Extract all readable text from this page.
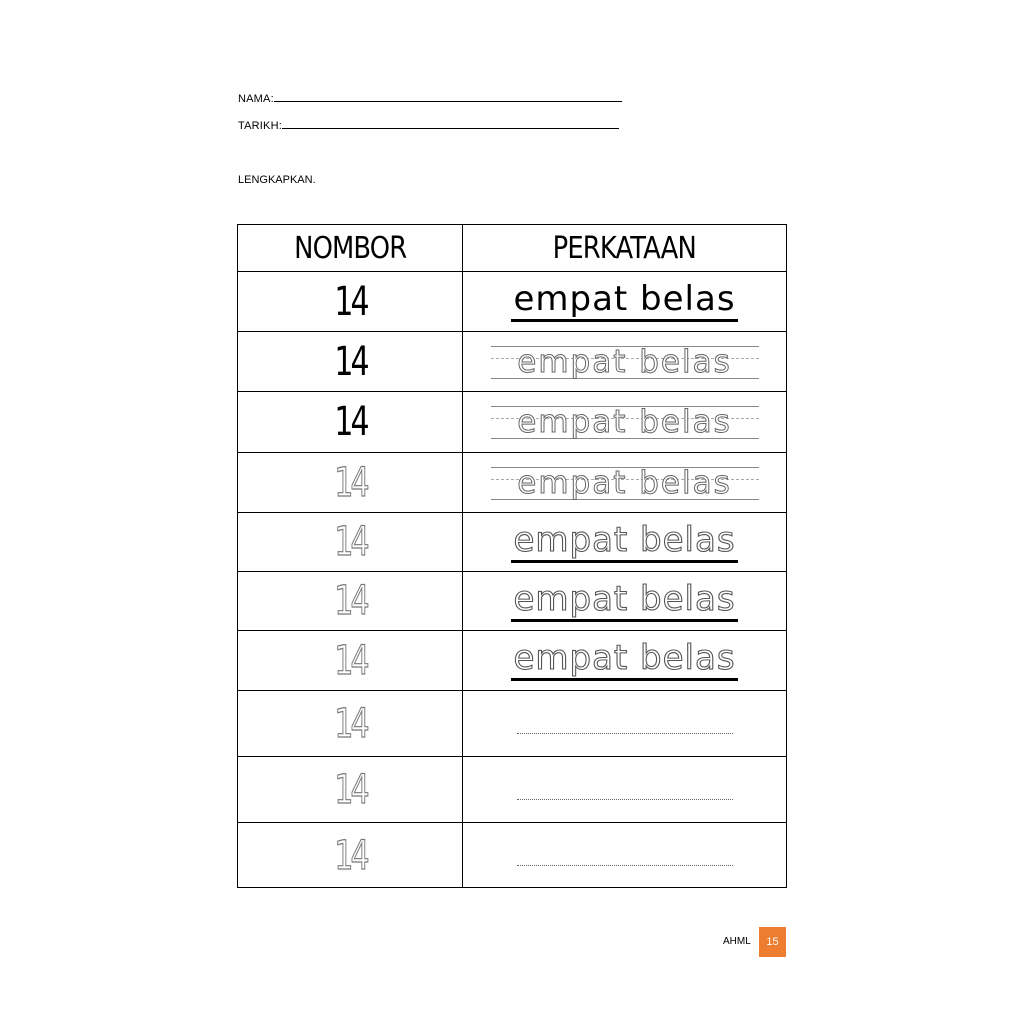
NAMA:
TARIKH:
LENGKAPKAN.
NOMBOR	PERKATAAN
14	empat belas
14	empat belas
14	empat belas
14	empat belas
14	empat belas
14	empat belas
14	empat belas
14
14
14
AHML	15
